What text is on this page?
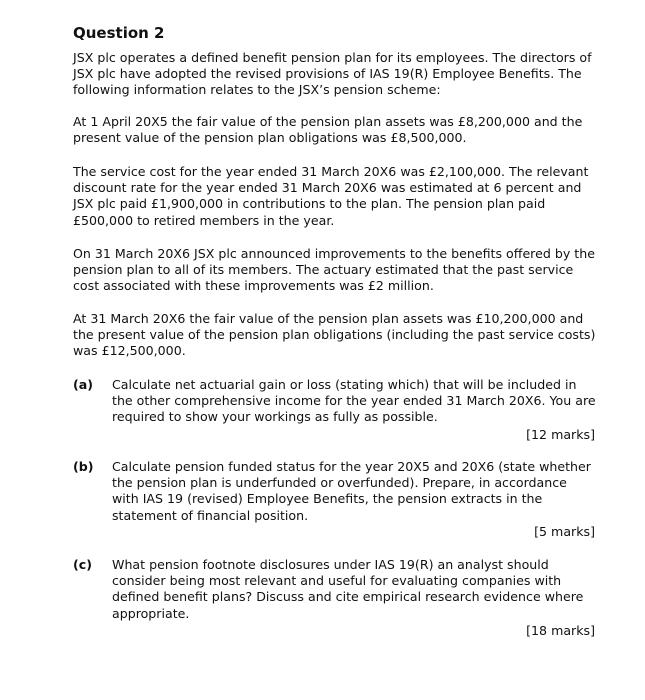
Question 2

JSX plc operates a defined benefit pension plan for its employees. The directors of JSX plc have adopted the revised provisions of IAS 19(R) Employee Benefits. The following information relates to the JSX’s pension scheme:

At 1 April 20X5 the fair value of the pension plan assets was £8,200,000 and the present value of the pension plan obligations was £8,500,000.

The service cost for the year ended 31 March 20X6 was £2,100,000. The relevant discount rate for the year ended 31 March 20X6 was estimated at 6 percent and JSX plc paid £1,900,000 in contributions to the plan. The pension plan paid £500,000 to retired members in the year.

On 31 March 20X6 JSX plc announced improvements to the benefits offered by the pension plan to all of its members. The actuary estimated that the past service cost associated with these improvements was £2 million.

At 31 March 20X6 the fair value of the pension plan assets was £10,200,000 and the present value of the pension plan obligations (including the past service costs) was £12,500,000.

(a) Calculate net actuarial gain or loss (stating which) that will be included in the other comprehensive income for the year ended 31 March 20X6. You are required to show your workings as fully as possible.

[12 marks]

(b) Calculate pension funded status for the year 20X5 and 20X6 (state whether the pension plan is underfunded or overfunded). Prepare, in accordance with IAS 19 (revised) Employee Benefits, the pension extracts in the statement of financial position.

[5 marks]

(c) What pension footnote disclosures under IAS 19(R) an analyst should consider being most relevant and useful for evaluating companies with defined benefit plans? Discuss and cite empirical research evidence where appropriate.

[18 marks]
